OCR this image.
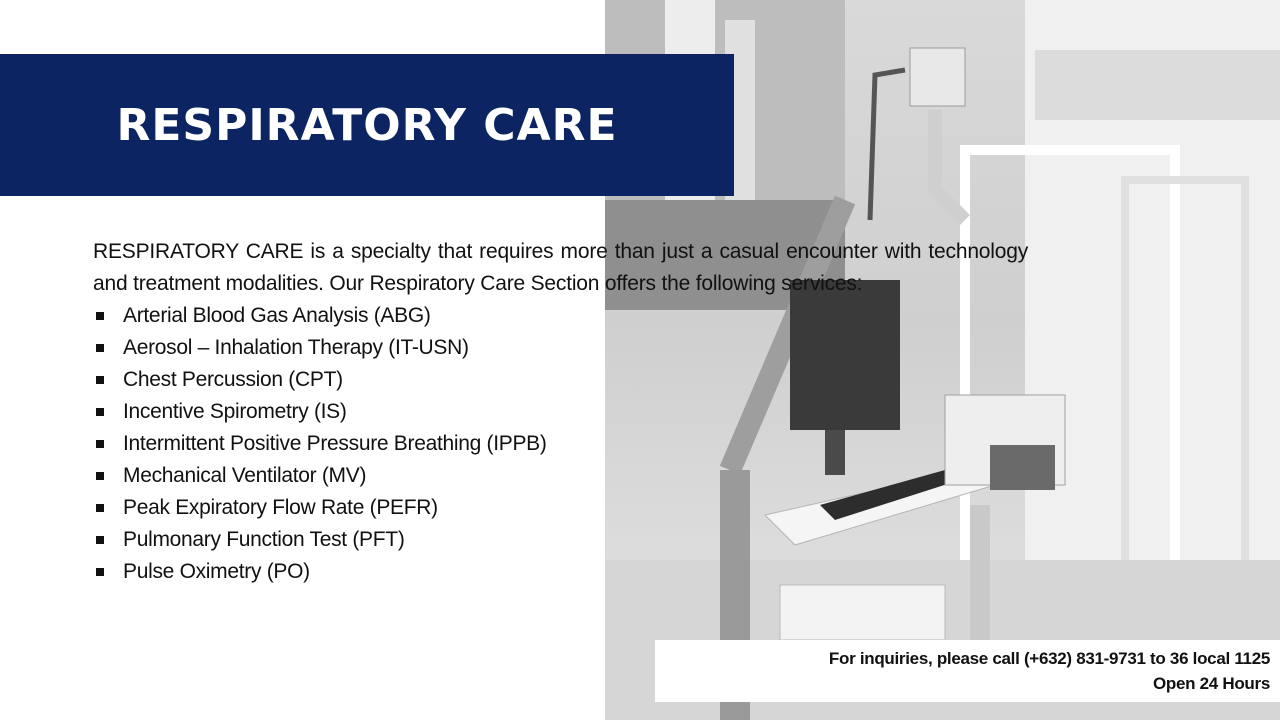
RESPIRATORY CARE

RESPIRATORY CARE is a specialty that requires more than just a casual encounter with technology and treatment modalities. Our Respiratory Care Section offers the following services:

Arterial Blood Gas Analysis (ABG)
Aerosol – Inhalation Therapy (IT-USN)
Chest Percussion (CPT)
Incentive Spirometry (IS)
Intermittent Positive Pressure Breathing (IPPB)
Mechanical Ventilator (MV)
Peak Expiratory Flow Rate (PEFR)
Pulmonary Function Test (PFT)
Pulse Oximetry (PO)
For inquiries, please call (+632) 831-9731 to 36 local 1125
Open 24 Hours
